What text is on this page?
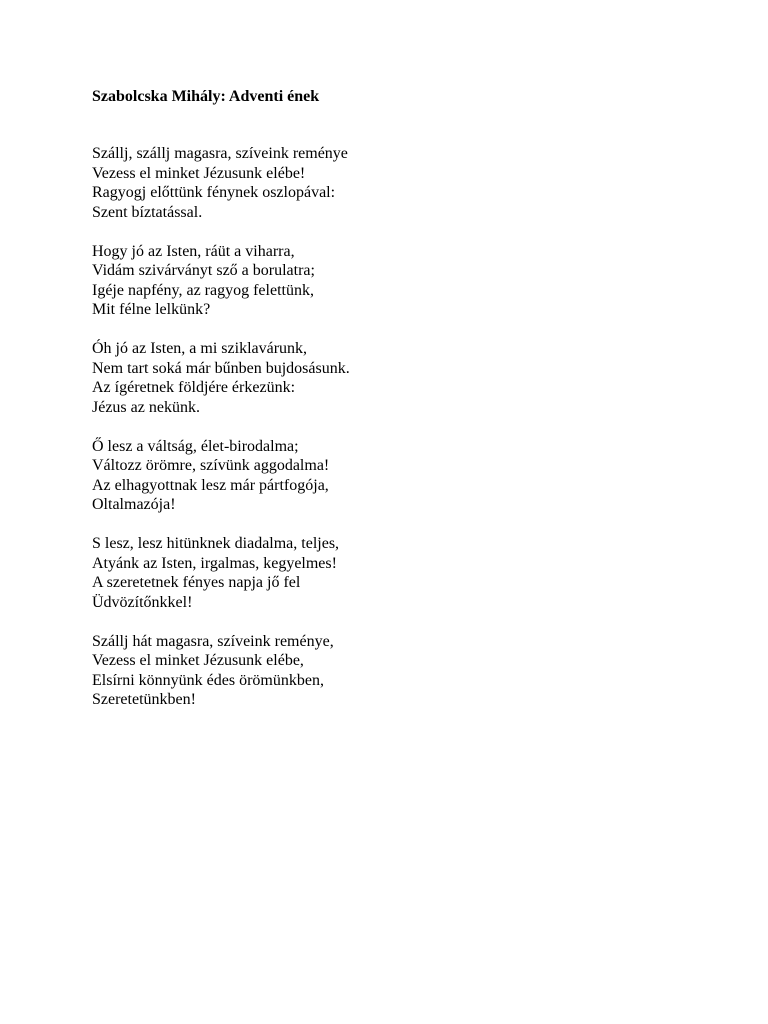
Szabolcska Mihály: Adventi ének
Szállj, szállj magasra, szíveink reménye
Vezess el minket Jézusunk elébe!
Ragyogj előttünk fénynek oszlopával:
Szent bíztatással.
Hogy jó az Isten, ráüt a viharra,
Vidám szivárványt sző a borulatra;
Igéje napfény, az ragyog felettünk,
Mit félne lelkünk?
Óh jó az Isten, a mi sziklavárunk,
Nem tart soká már bűnben bujdosásunk.
Az ígéretnek földjére érkezünk:
Jézus az nekünk.
Ő lesz a váltság, élet-birodalma;
Változz örömre, szívünk aggodalma!
Az elhagyottnak lesz már pártfogója,
Oltalmazója!
S lesz, lesz hitünknek diadalma, teljes,
Atyánk az Isten, irgalmas, kegyelmes!
A szeretetnek fényes napja jő fel
Üdvözítőnkkel!
Szállj hát magasra, szíveink reménye,
Vezess el minket Jézusunk elébe,
Elsírni könnyünk édes örömünkben,
Szeretetünkben!
